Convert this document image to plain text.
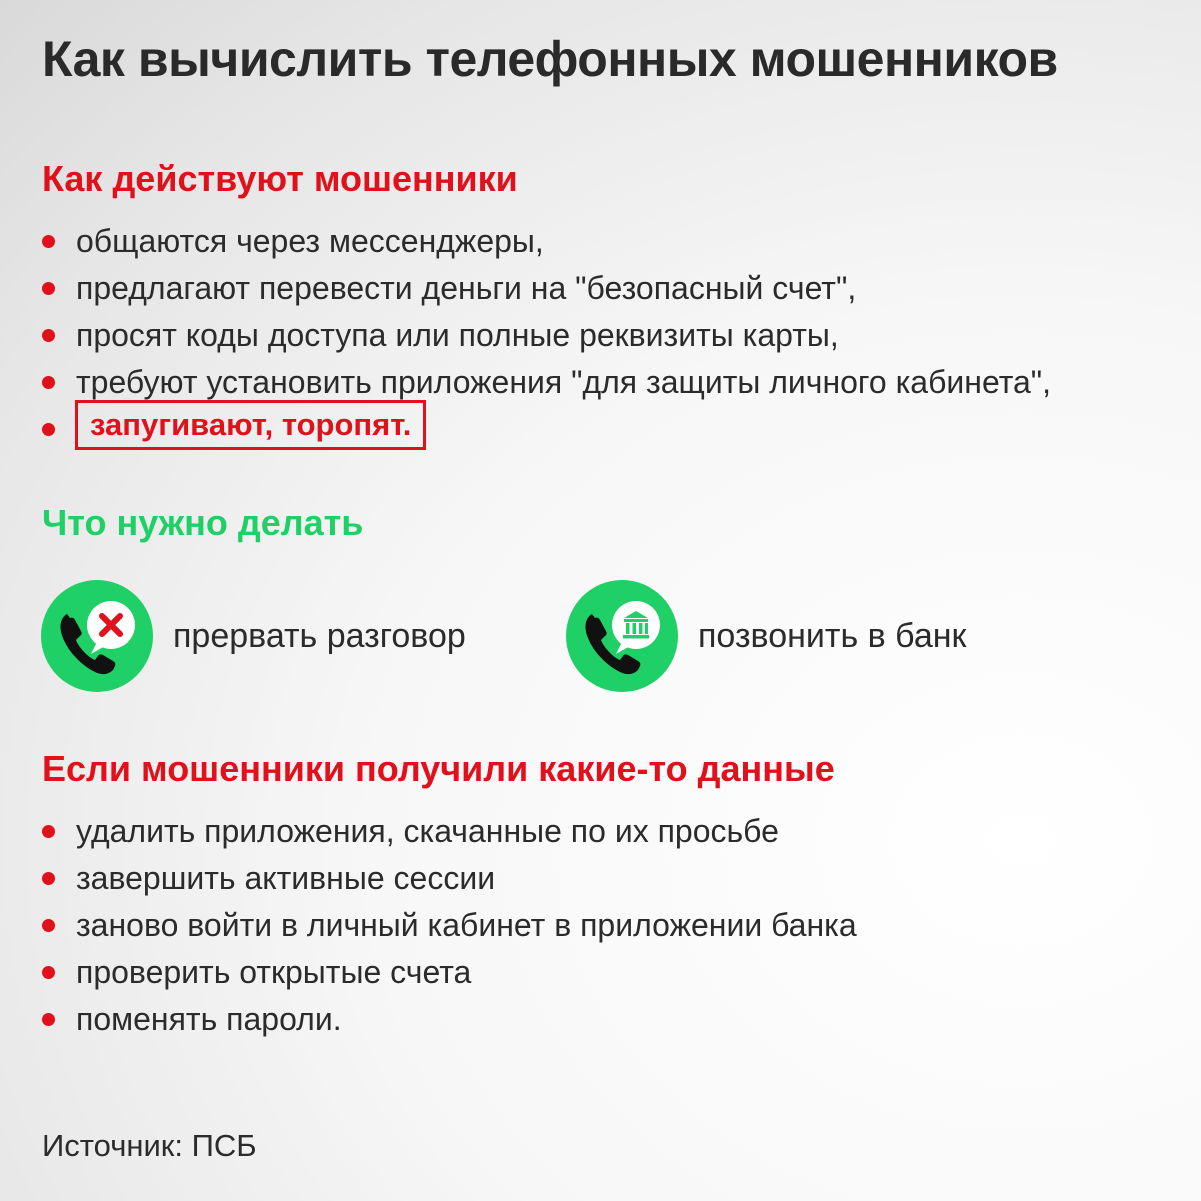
Как вычислить телефонных мошенников
Как действуют мошенники
общаются через мессенджеры,
предлагают перевести деньги на "безопасный счет",
просят коды доступа или полные реквизиты карты,
требуют установить приложения "для защиты личного кабинета",
запугивают, торопят.
Что нужно делать
прервать разговор	позвонить в банк
Если мошенники получили какие-то данные
удалить приложения, скачанные по их просьбе
завершить активные сессии
заново войти в личный кабинет в приложении банка
проверить открытые счета
поменять пароли.
Источник: ПСБ
